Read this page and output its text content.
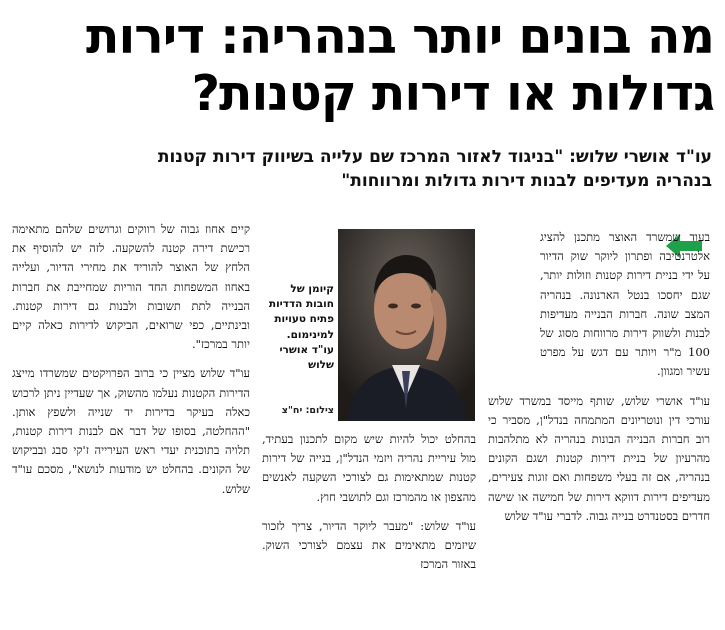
מה בונים יותר בנהריה: דירות גדולות או דירות קטנות?
עו"ד אושרי שלוש: "בניגוד לאזור המרכז שם עלייה בשיווק דירות קטנות בנהריה מעדיפים לבנות דירות גדולות ומרווחות"

בעוד שמשרד האוצר מתכנן להציג אלטרנטיבה ופתרון ליוקר שוק הדיור על ידי בניית דירות קטנות וזולות יותר, שגם יחסכו בנטל הארנונה. בנהריה המצב שונה. חברות הבנייה מעדיפות לבנות ולשווק דירות מרווחות מסוג של 100 מ"ר ויותר עם דגש על מפרט עשיר ומגוון.

עו"ד אושרי שלוש, שותף מייסד במשרד שלוש עורכי דין ונוטריונים המתמחה בנדל"ן, מסביר כי רוב חברות הבנייה הבונות בנהריה לא מתלהבות מהרעיון של בניית דירות קטנות ושגם הקונים בנהריה, אם זה בעלי משפחות ואם זוגות צעירים, מעדיפים דירות דווקא דירות של חמישה או שישה חדרים בסטנדרט בנייה גבוה. לדברי עו"ד שלוש

קיומן של חובות הדדיות פתיח טעויות למינימום. עו"ד אושרי שלוש
צילום: יח"צ

בהחלט יכול להיות שיש מקום לתכנון בעתיד, מול עיריית נהריה ויזמי הנדל"ן, בנייה של דירות קטנות שמתאימות גם לצורכי השקעה לאנשים מהצפון או מהמרכז וגם לתושבי חוץ.

עו"ד שלוש: "מעבר ליוקר הדיור, צריך לזכור שיזמים מתאימים את עצמם לצורכי השוק. באזור המרכז

קיים אחוז גבוה של רווקים וגרושים שלהם מתאימה רכישת דירה קטנה להשקעה. לזה יש להוסיף את הלחץ של האוצר להוריד את מחירי הדיור, ועלייה באחוז המשפחות החד הוריות שמחייבת את חברות הבנייה לתת תשובות ולבנות גם דירות קטנות. ובינתיים, כפי שרואים, הביקוש לדירות כאלה קיים יותר במרכז".

עו"ד שלוש מציין כי ברוב הפרויקטים שמשרדו מייצג הדירות הקטנות נעלמו מהשוק, אך שעדיין ניתן לרכוש כאלה בעיקר בדירות יד שנייה ולשפץ אותן. "ההחלטה, בסופו של דבר אם לבנות דירות קטנות, תלויה בתוכנית יעדי ראש העירייה ז'קי סבג ובביקוש של הקונים. בהחלט יש מודעות לנושא", מסכם עו"ד שלוש.
